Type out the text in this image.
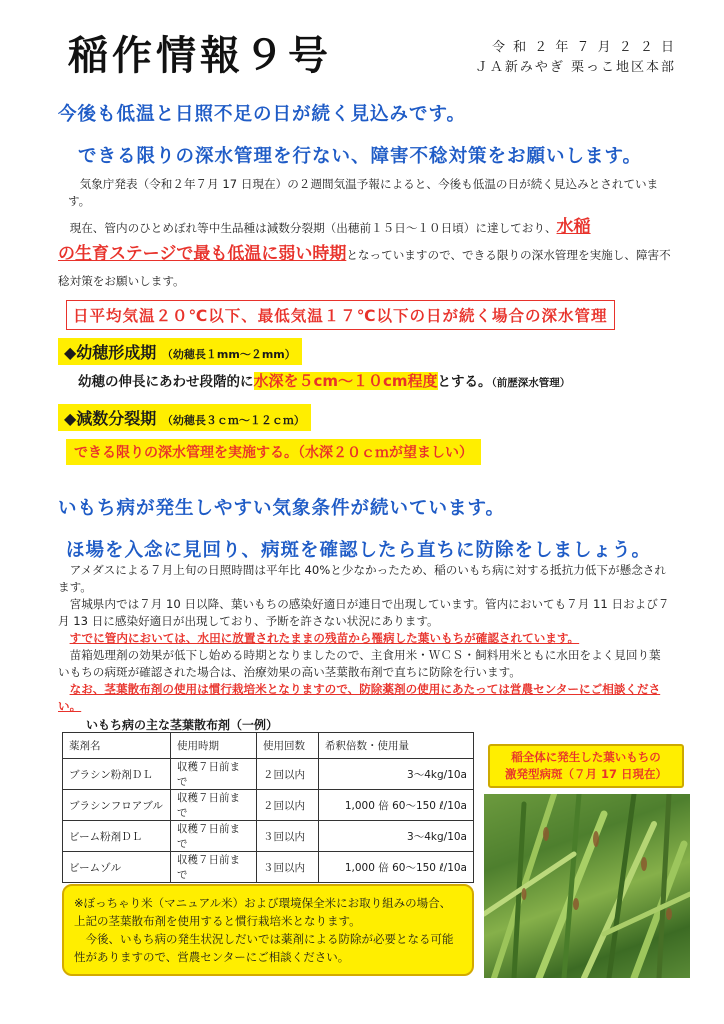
稲作情報９号	令 和 ２ 年 ７ 月 ２ ２ 日
ＪＡ新みやぎ 栗っこ地区本部
今後も低温と日照不足の日が続く見込みです。
できる限りの深水管理を行ない、障害不稔対策をお願いします。
気象庁発表（令和２年７月 17 日現在）の２週間気温予報によると、今後も低温の日が続く見込みとされています。
現在、管内のひとめぼれ等中生品種は減数分裂期（出穂前１５日～１０日頃）に達しており、水稲
の生育ステージで最も低温に弱い時期となっていますので、できる限りの深水管理を実施し、障害不稔対策をお願いします。
日平均気温２０℃以下、最低気温１７℃以下の日が続く場合の深水管理
◆幼穂形成期 （幼穂長１mm～２mm）
幼穂の伸長にあわせ段階的に水深を５cm～１０cm程度とする。（前歴深水管理）
◆減数分裂期 （幼穂長３ｃｍ～１２ｃｍ）
できる限りの深水管理を実施する。（水深２０ｃｍが望ましい）
いもち病が発生しやすい気象条件が続いています。
ほ場を入念に見回り、病斑を確認したら直ちに防除をしましょう。
アメダスによる７月上旬の日照時間は平年比 40%と少なかったため、稲のいもち病に対する抵抗力低下が懸念されます。
宮城県内では７月 10 日以降、葉いもちの感染好適日が連日で出現しています。管内においても７月 11 日および７月 13 日に感染好適日が出現しており、予断を許さない状況にあります。
すでに管内においては、水田に放置されたままの残苗から罹病した葉いもちが確認されています。
苗箱処理剤の効果が低下し始める時期となりましたので、主食用米・ＷＣＳ・飼料用米ともに水田をよく見回り葉いもちの病斑が確認された場合は、治療効果の高い茎葉散布剤で直ちに防除を行います。
なお、茎葉散布剤の使用は慣行栽培米となりますので、防除薬剤の使用にあたっては営農センターにご相談ください。
いもち病の主な茎葉散布剤（一例）
薬剤名	使用時期	使用回数	希釈倍数・使用量
ブラシン粉剤ＤＬ	収穫７日前まで	２回以内	3～4kg/10a
ブラシンフロアブル	収穫７日前まで	２回以内	1,000 倍 60～150 ℓ/10a
ビーム粉剤ＤＬ	収穫７日前まで	３回以内	3～4kg/10a
ビームゾル	収穫７日前まで	３回以内	1,000 倍 60～150 ℓ/10a
稲全体に発生した葉いもちの
激発型病斑（７月 17 日現在）
※ぼっちゃり米（マニュアル米）および環境保全米にお取り組みの場合、上記の茎葉散布剤を使用すると慣行栽培米となります。
今後、いもち病の発生状況しだいでは薬剤による防除が必要となる可能性がありますので、営農センターにご相談ください。
